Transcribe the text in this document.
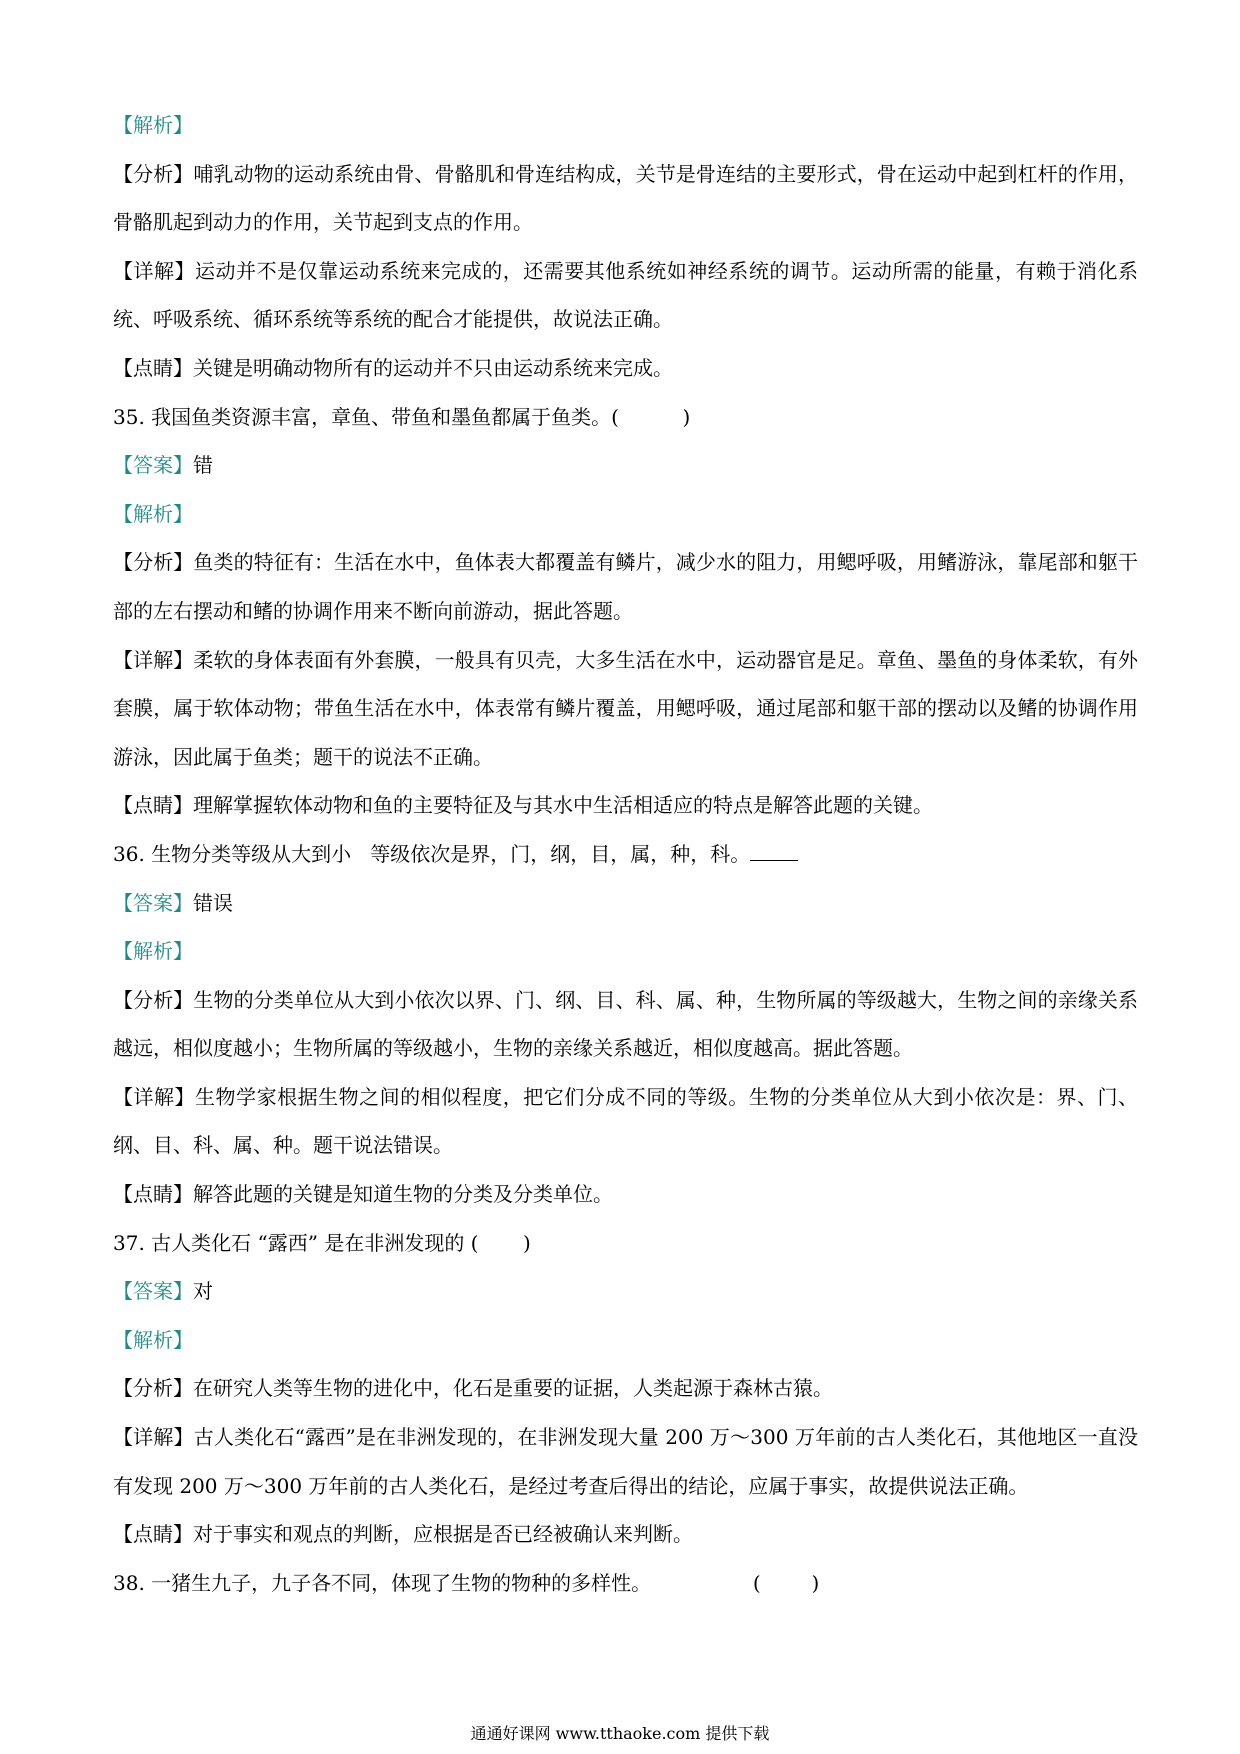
【解析】
【分析】哺乳动物的运动系统由骨、骨骼肌和骨连结构成，关节是骨连结的主要形式，骨在运动中起到杠杆的作用，骨骼肌起到动力的作用，关节起到支点的作用。
【详解】运动并不是仅靠运动系统来完成的，还需要其他系统如神经系统的调节。运动所需的能量，有赖于消化系统、呼吸系统、循环系统等系统的配合才能提供，故说法正确。
【点睛】关键是明确动物所有的运动并不只由运动系统来完成。
35. 我国鱼类资源丰富，章鱼、带鱼和墨鱼都属于鱼类。(          )
【答案】错
【解析】
【分析】鱼类的特征有：生活在水中，鱼体表大都覆盖有鳞片，减少水的阻力，用鳃呼吸，用鳍游泳，靠尾部和躯干部的左右摆动和鳍的协调作用来不断向前游动，据此答题。
【详解】柔软的身体表面有外套膜，一般具有贝壳，大多生活在水中，运动器官是足。章鱼、墨鱼的身体柔软，有外套膜，属于软体动物；带鱼生活在水中，体表常有鳞片覆盖，用鳃呼吸，通过尾部和躯干部的摆动以及鳍的协调作用游泳，因此属于鱼类；题干的说法不正确。
【点睛】理解掌握软体动物和鱼的主要特征及与其水中生活相适应的特点是解答此题的关键。
36. 生物分类等级从大到小   等级依次是界，门，纲，目，属，种，科。
【答案】错误
【解析】
【分析】生物的分类单位从大到小依次以界、门、纲、目、科、属、种，生物所属的等级越大，生物之间的亲缘关系越远，相似度越小；生物所属的等级越小，生物的亲缘关系越近，相似度越高。据此答题。
【详解】生物学家根据生物之间的相似程度，把它们分成不同的等级。生物的分类单位从大到小依次是：界、门、纲、目、科、属、种。题干说法错误。
【点睛】解答此题的关键是知道生物的分类及分类单位。
37. 古人类化石 “露西” 是在非洲发现的 (       )
【答案】对
【解析】
【分析】在研究人类等生物的进化中，化石是重要的证据，人类起源于森林古猿。
【详解】古人类化石“露西”是在非洲发现的，在非洲发现大量 200 万～300 万年前的古人类化石，其他地区一直没有发现 200 万～300 万年前的古人类化石，是经过考查后得出的结论，应属于事实，故提供说法正确。
【点睛】对于事实和观点的判断，应根据是否已经被确认来判断。
38. 一猪生九子，九子各不同，体现了生物的物种的多样性。                (        )
通通好课网 www.tthaoke.com 提供下载
